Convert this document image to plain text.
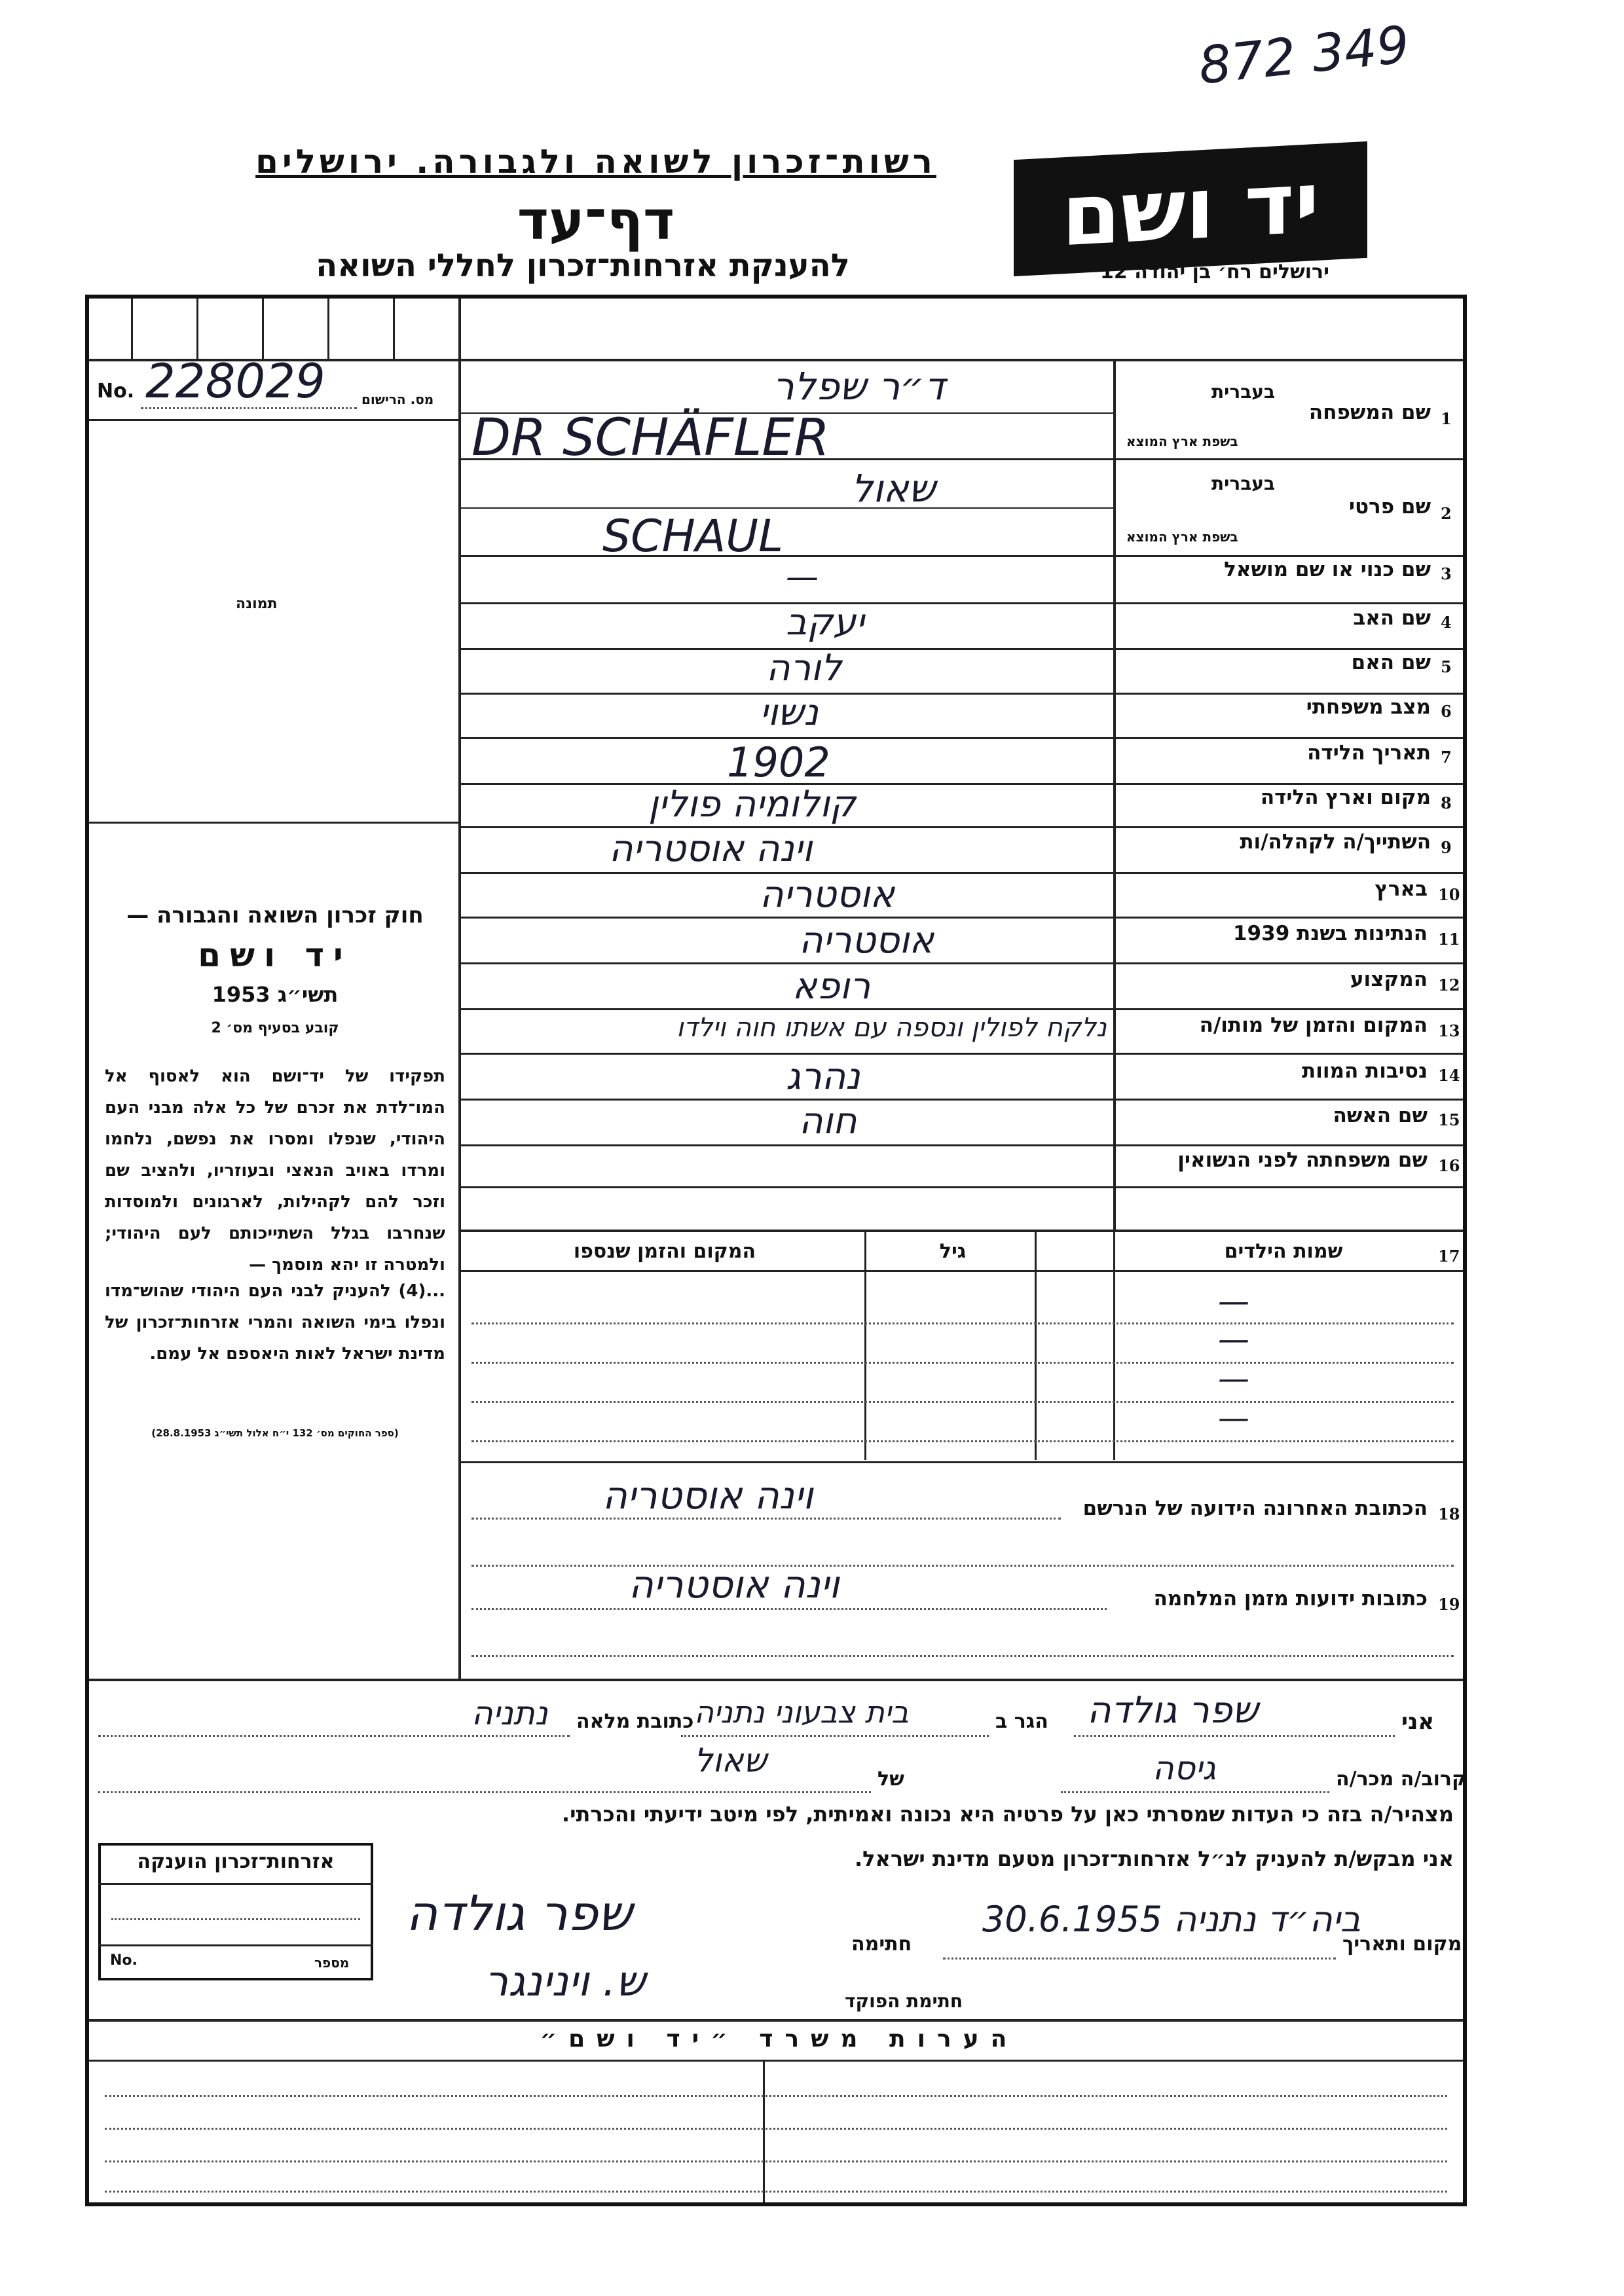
872 349
רשות־זכרון לשואה ולגבורה. ירושלים
דף־עד
להענקת אזרחות־זכרון לחללי השואה
יד ושם
ירושלים רח׳ בן יהודה 12
No. 228029	מס. הרישום
תמונה
חוק זכרון השואה והגבורה —
יד ושם
תשי״ג 1953
קובע בסעיף מס׳ 2
תפקידו של יד־ושם הוא לאסוף אל המו־לדת את זכרם של כל אלה מבני העם היהודי, שנפלו ומסרו את נפשם, נלחמו ומרדו באויב הנאצי ובעוזריו, ולהציב שם וזכר להם לקהילות, לארגונים ולמוסדות שנחרבו בגלל השתייכותם לעם היהודי; ולמטרה זו יהא מוסמך —
...(4) להעניק לבני העם היהודי שהוש־מדו ונפלו בימי השואה והמרי אזרחות־זכרון של מדינת ישראל לאות היאספם אל עמם.
(ספר החוקים מס׳ 132 י״ח אלול תשי״ג 28.8.1953)
1
שם המשפחה
בעברית
בשפת ארץ המוצא
ד״ר שפלר
DR SCHÄFLER
2
שם פרטי
בעברית
בשפת ארץ המוצא
שאול
SCHAUL
3
שם כנוי או שם מושאל
—
4
שם האב
יעקב
5
שם האם
לורה
6
מצב משפחתי
נשוי
7
תאריך הלידה
1902
8
מקום וארץ הלידה
קולומיה פולין
9
השתייך/ה לקהלה/ות
וינה אוסטריה
10
בארץ
אוסטריה
11
הנתינות בשנת 1939
אוסטריה
12
המקצוע
רופא
13
המקום והזמן של מותו/ה
נלקח לפולין ונספה עם אשתו חוה וילדו
14
נסיבות המוות
נהרג
15
שם האשה
חוה
16
שם משפחתה לפני הנשואין
17
שמות הילדים
גיל
המקום והזמן שנספו
—
—
—
—
18
הכתובת האחרונה הידועה של הנרשם
וינה אוסטריה
19
כתובות ידועות מזמן המלחמה
וינה אוסטריה
אני
שפר גולדה
הגר ב
בית צבעוני נתניה
כתובת מלאה
נתניה
קרוב/ה מכר/ה
גיסה
של
שאול
מצהיר/ה בזה כי העדות שמסרתי כאן על פרטיה היא נכונה ואמיתית, לפי מיטב ידיעתי והכרתי.
אני מבקש/ת להעניק לנ״ל אזרחות־זכרון מטעם מדינת ישראל.
אזרחות־זכרון הוענקה
No.	מספר
מקום ותאריך
ביה״ד נתניה 30.6.1955
חתימה
שפר גולדה
חתימת הפוקד
ש. וינינגר
הערות משרד ״יד ושם״
